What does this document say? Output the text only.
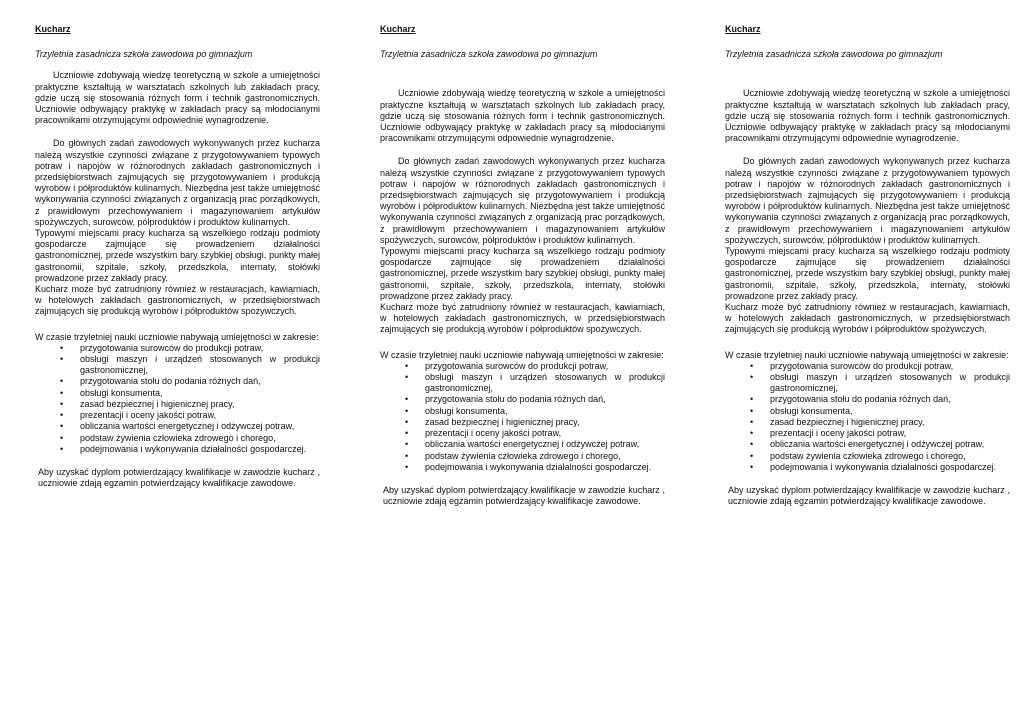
Kucharz

Trzyletnia zasadnicza szkoła zawodowa po gimnazjum

Uczniowie zdobywają wiedzę teoretyczną w szkole a umiejętności praktyczne kształtują w warsztatach szkolnych lub zakładach pracy, gdzie uczą się stosowania różnych form i technik gastronomicznych. Uczniowie odbywający praktykę w zakładach pracy są młodocianymi pracownikami otrzymującymi odpowiednie wynagrodzenie.

Do głównych zadań zawodowych wykonywanych przez kucharza należą wszystkie czynności związane z przygotowywaniem typowych potraw i napojów w różnorodnych zakładach gastronomicznych i przedsiębiorstwach zajmujących się przygotowywaniem i produkcją wyrobów i półproduktów kulinarnych. Niezbędna jest także umiejętność wykonywania czynności związanych z organizacją prac porządkowych, z prawidłowym przechowywaniem i magazynowaniem artykułów spożywczych, surowców, półproduktów i produktów kulinarnych.

Typowymi miejscami pracy kucharza są wszelkiego rodzaju podmioty gospodarcze zajmujące się prowadzeniem działalności gastronomicznej, przede wszystkim bary szybkiej obsługi, punkty małej gastronomii, szpitale, szkoły, przedszkola, internaty, stołówki prowadzone przez zakłady pracy.

Kucharz może być zatrudniony również w restauracjach, kawiarniach, w hotelowych zakładach gastronomicznych, w przedsiębiorstwach zajmujących się produkcją wyrobów i półproduktów spożywczych.

W czasie trzyletniej nauki uczniowie nabywają umiejętności w zakresie:

• przygotowania surowców do produkcji potraw,
• obsługi maszyn i urządzeń stosowanych w produkcji gastronomicznej,
• przygotowania stołu do podania różnych dań,
• obsługi konsumenta,
• zasad bezpiecznej i higienicznej pracy,
• prezentacji i oceny jakości potraw,
• obliczania wartości energetycznej i odżywczej potraw,
• podstaw żywienia człowieka zdrowego i chorego,
• podejmowania i wykonywania działalności gospodarczej.

Aby uzyskać dyplom potwierdzający kwalifikacje w zawodzie kucharz , uczniowie zdają egzamin potwierdzający kwalifikacje zawodowe.

Kucharz

Trzyletnia zasadnicza szkoła zawodowa po gimnazjum

Uczniowie zdobywają wiedzę teoretyczną w szkole a umiejętności praktyczne kształtują w warsztatach szkolnych lub zakładach pracy, gdzie uczą się stosowania różnych form i technik gastronomicznych. Uczniowie odbywający praktykę w zakładach pracy są młodocianymi pracownikami otrzymującymi odpowiednie wynagrodzenie.

Do głównych zadań zawodowych wykonywanych przez kucharza należą wszystkie czynności związane z przygotowywaniem typowych potraw i napojów w różnorodnych zakładach gastronomicznych i przedsiębiorstwach zajmujących się przygotowywaniem i produkcją wyrobów i półproduktów kulinarnych. Niezbędna jest także umiejętność wykonywania czynności związanych z organizacją prac porządkowych, z prawidłowym przechowywaniem i magazynowaniem artykułów spożywczych, surowców, półproduktów i produktów kulinarnych.

Typowymi miejscami pracy kucharza są wszelkiego rodzaju podmioty gospodarcze zajmujące się prowadzeniem działalności gastronomicznej, przede wszystkim bary szybkiej obsługi, punkty małej gastronomii, szpitale, szkoły, przedszkola, internaty, stołówki prowadzone przez zakłady pracy.

Kucharz może być zatrudniony również w restauracjach, kawiarniach, w hotelowych zakładach gastronomicznych, w przedsiębiorstwach zajmujących się produkcją wyrobów i półproduktów spożywczych.

W czasie trzyletniej nauki uczniowie nabywają umiejętności w zakresie:

• przygotowania surowców do produkcji potraw,
• obsługi maszyn i urządzeń stosowanych w produkcji gastronomicznej,
• przygotowania stołu do podania różnych dań,
• obsługi konsumenta,
• zasad bezpiecznej i higienicznej pracy,
• prezentacji i oceny jakości potraw,
• obliczania wartości energetycznej i odżywczej potraw,
• podstaw żywienia człowieka zdrowego i chorego,
• podejmowania i wykonywania działalności gospodarczej.

Aby uzyskać dyplom potwierdzający kwalifikacje w zawodzie kucharz , uczniowie zdają egzamin potwierdzający kwalifikacje zawodowe.

Kucharz

Trzyletnia zasadnicza szkoła zawodowa po gimnazjum

Uczniowie zdobywają wiedzę teoretyczną w szkole a umiejętności praktyczne kształtują w warsztatach szkolnych lub zakładach pracy, gdzie uczą się stosowania różnych form i technik gastronomicznych. Uczniowie odbywający praktykę w zakładach pracy są młodocianymi pracownikami otrzymującymi odpowiednie wynagrodzenie.

Do głównych zadań zawodowych wykonywanych przez kucharza należą wszystkie czynności związane z przygotowywaniem typowych potraw i napojów w różnorodnych zakładach gastronomicznych i przedsiębiorstwach zajmujących się przygotowywaniem i produkcją wyrobów i półproduktów kulinarnych. Niezbędna jest także umiejętność wykonywania czynności związanych z organizacją prac porządkowych, z prawidłowym przechowywaniem i magazynowaniem artykułów spożywczych, surowców, półproduktów i produktów kulinarnych.

Typowymi miejscami pracy kucharza są wszelkiego rodzaju podmioty gospodarcze zajmujące się prowadzeniem działalności gastronomicznej, przede wszystkim bary szybkiej obsługi, punkty małej gastronomii, szpitale, szkoły, przedszkola, internaty, stołówki prowadzone przez zakłady pracy.

Kucharz może być zatrudniony również w restauracjach, kawiarniach, w hotelowych zakładach gastronomicznych, w przedsiębiorstwach zajmujących się produkcją wyrobów i półproduktów spożywczych.

W czasie trzyletniej nauki uczniowie nabywają umiejętności w zakresie:

• przygotowania surowców do produkcji potraw,
• obsługi maszyn i urządzeń stosowanych w produkcji gastronomicznej,
• przygotowania stołu do podania różnych dań,
• obsługi konsumenta,
• zasad bezpiecznej i higienicznej pracy,
• prezentacji i oceny jakości potraw,
• obliczania wartości energetycznej i odżywczej potraw,
• podstaw żywienia człowieka zdrowego i chorego,
• podejmowania i wykonywania działalności gospodarczej.

Aby uzyskać dyplom potwierdzający kwalifikacje w zawodzie kucharz , uczniowie zdają egzamin potwierdzający kwalifikacje zawodowe.
